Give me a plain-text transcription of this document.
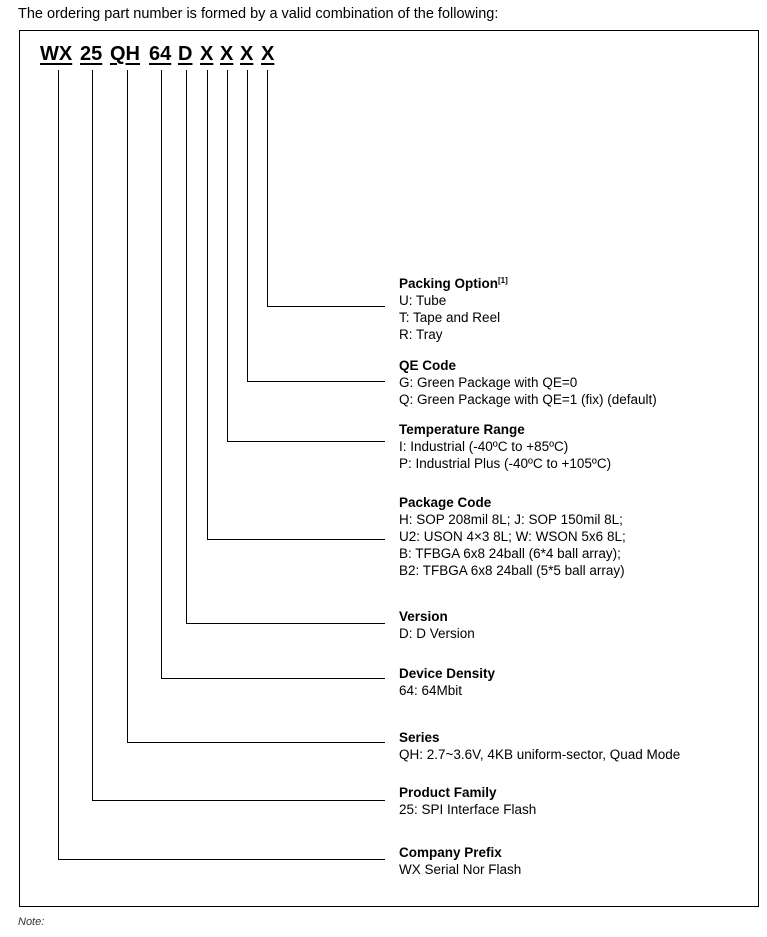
The ordering part number is formed by a valid combination of the following:
WX 25 QH 64 D X X X X
Packing Option[1]
U: Tube
T: Tape and Reel
R: Tray
QE Code
G: Green Package with QE=0
Q: Green Package with QE=1 (fix) (default)
Temperature Range
I: Industrial (-40ºC to +85ºC)
P: Industrial Plus (-40ºC to +105ºC)
Package Code
H: SOP 208mil 8L; J: SOP 150mil 8L;
U2: USON 4×3 8L; W: WSON 5x6 8L;
B: TFBGA 6x8 24ball (6*4 ball array);
B2: TFBGA 6x8 24ball (5*5 ball array)
Version
D: D Version
Device Density
64: 64Mbit
Series
QH: 2.7~3.6V, 4KB uniform-sector, Quad Mode
Product Family
25: SPI Interface Flash
Company Prefix
WX Serial Nor Flash
Note:
